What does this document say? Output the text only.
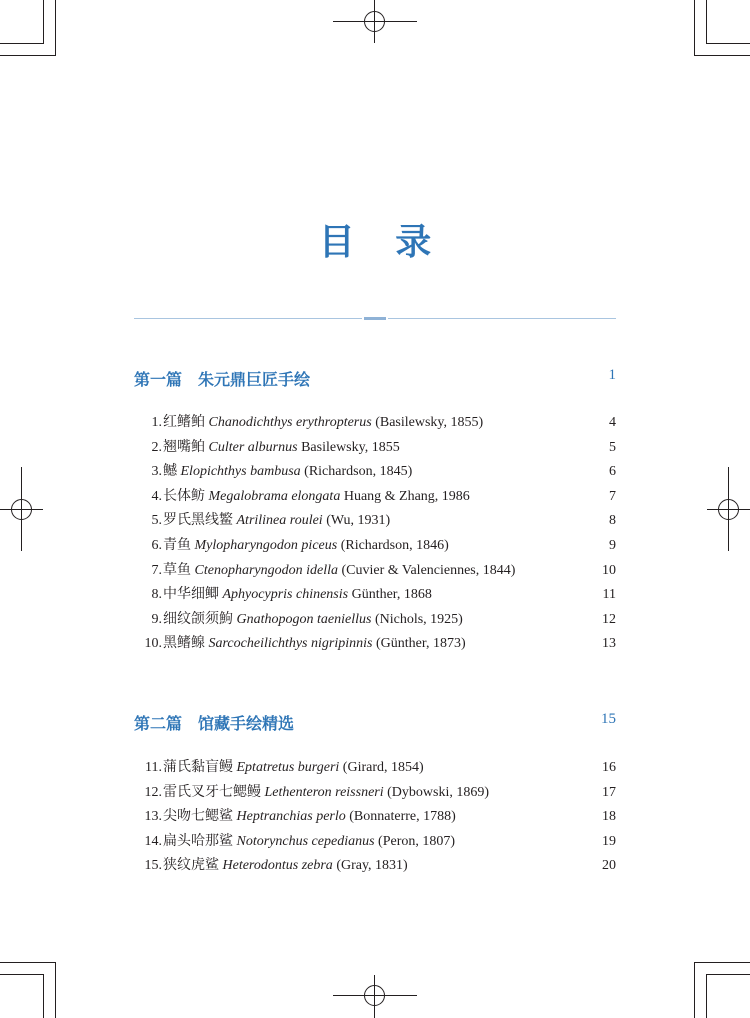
目 录
第一篇　朱元鼎巨匠手绘	1
1. 红鳍鲌 Chanodichthys erythropterus (Basilewsky, 1855)	4
2. 翘嘴鲌 Culter alburnus Basilewsky, 1855	5
3. 鳡 Elopichthys bambusa (Richardson, 1845)	6
4. 长体鲂 Megalobrama elongata Huang & Zhang, 1986	7
5. 罗氏黑线鳘 Atrilinea roulei (Wu, 1931)	8
6. 青鱼 Mylopharyngodon piceus (Richardson, 1846)	9
7. 草鱼 Ctenopharyngodon idella (Cuvier & Valenciennes, 1844)	10
8. 中华细鲫 Aphyocypris chinensis Günther, 1868	11
9. 细纹颌须鮈 Gnathopogon taeniellus (Nichols, 1925)	12
10. 黑鳍鳈 Sarcocheilichthys nigripinnis (Günther, 1873)	13
第二篇　馆藏手绘精选	15
11. 蒲氏黏盲鳗 Eptatretus burgeri (Girard, 1854)	16
12. 雷氏叉牙七鳃鳗 Lethenteron reissneri (Dybowski, 1869)	17
13. 尖吻七鳃鲨 Heptranchias perlo (Bonnaterre, 1788)	18
14. 扁头哈那鲨 Notorynchus cepedianus (Peron, 1807)	19
15. 狭纹虎鲨 Heterodontus zebra (Gray, 1831)	20
